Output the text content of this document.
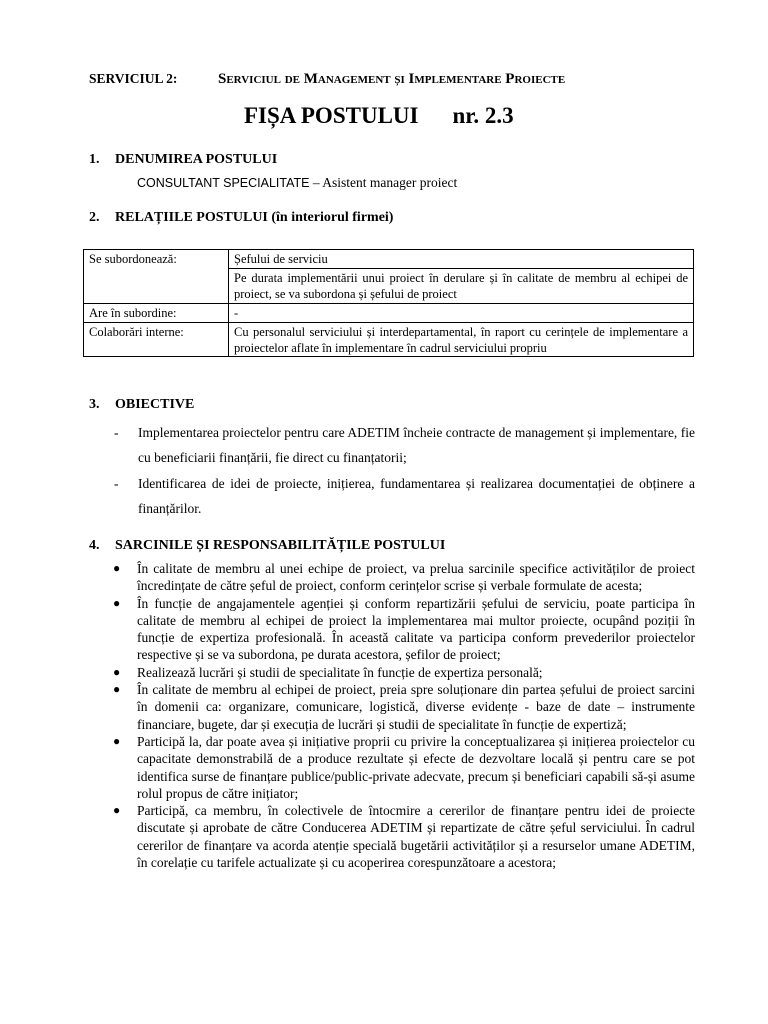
SERVICIUL 2:	Serviciul de Management și Implementare Proiecte
FIȘA POSTULUI nr. 2.3
1. DENUMIREA POSTULUI
CONSULTANT SPECIALITATE – Asistent manager proiect
2. RELAȚIILE POSTULUI (în interiorul firmei)
Se subordonează:	Șefului de serviciu
	Pe durata implementării unui proiect în derulare și în calitate de membru al echipei de proiect, se va subordona și șefului de proiect
Are în subordine:	-
Colaborări interne:	Cu personalul serviciului și interdepartamental, în raport cu cerințele de implementare a proiectelor aflate în implementare în cadrul serviciului propriu
3. OBIECTIVE
- Implementarea proiectelor pentru care ADETIM încheie contracte de management și implementare, fie cu beneficiarii finanțării, fie direct cu finanțatorii;
- Identificarea de idei de proiecte, inițierea, fundamentarea și realizarea documentației de obținere a finanțărilor.
4. SARCINILE ȘI RESPONSABILITĂȚILE POSTULUI
● În calitate de membru al unei echipe de proiect, va prelua sarcinile specifice activităților de proiect încredințate de către șeful de proiect, conform cerințelor scrise și verbale formulate de acesta;
● În funcție de angajamentele agenției și conform repartizării șefului de serviciu, poate participa în calitate de membru al echipei de proiect la implementarea mai multor proiecte, ocupând poziții în funcție de expertiza profesională. În această calitate va participa conform prevederilor proiectelor respective și se va subordona, pe durata acestora, șefilor de proiect;
● Realizează lucrări și studii de specialitate în funcție de expertiza personală;
● În calitate de membru al echipei de proiect, preia spre soluționare din partea șefului de proiect sarcini în domenii ca: organizare, comunicare, logistică, diverse evidențe - baze de date – instrumente financiare, bugete, dar și execuția de lucrări și studii de specialitate în funcție de expertiză;
● Participă la, dar poate avea și inițiative proprii cu privire la conceptualizarea și inițierea proiectelor cu capacitate demonstrabilă de a produce rezultate și efecte de dezvoltare locală și pentru care se pot identifica surse de finanțare publice/public-private adecvate, precum și beneficiari capabili să-și asume rolul propus de către inițiator;
● Participă, ca membru, în colectivele de întocmire a cererilor de finanțare pentru idei de proiecte discutate și aprobate de către Conducerea ADETIM și repartizate de către șeful serviciului. În cadrul cererilor de finanțare va acorda atenție specială bugetării activităților și a resurselor umane ADETIM, în corelație cu tarifele actualizate și cu acoperirea corespunzătoare a acestora;
